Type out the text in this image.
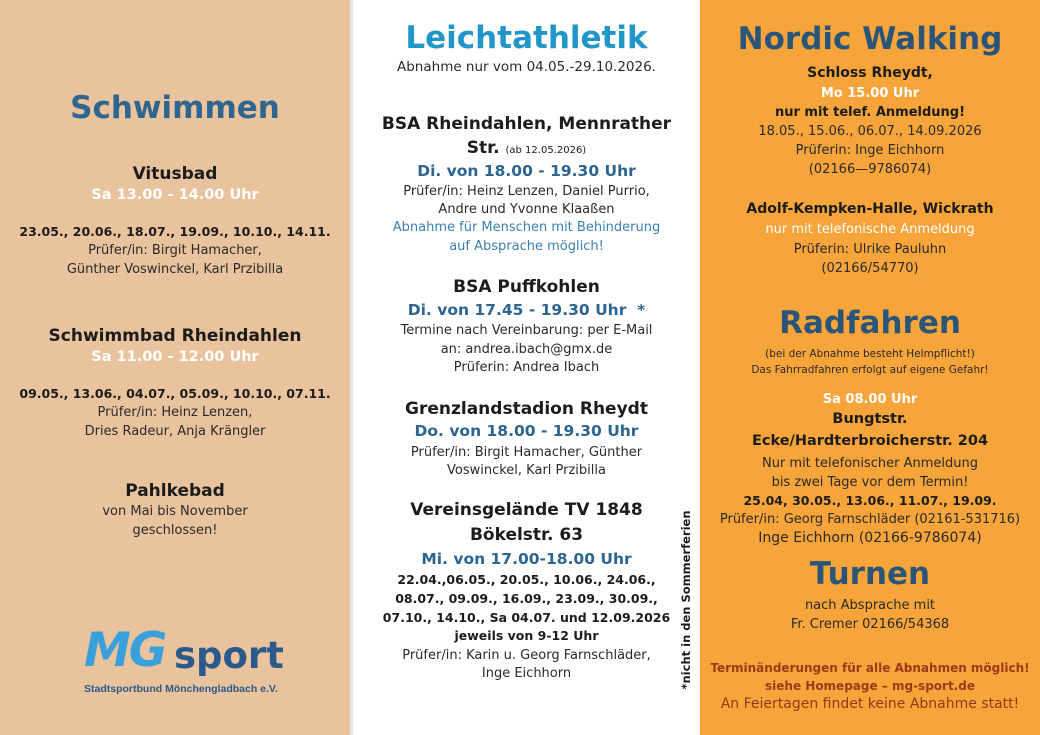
Schwimmen
Vitusbad
Sa 13.00 - 14.00 Uhr
23.05., 20.06., 18.07., 19.09., 10.10., 14.11.
Prüfer/in: Birgit Hamacher,
Günther Voswinckel, Karl Przibilla
Schwimmbad Rheindahlen
Sa 11.00 - 12.00 Uhr
09.05., 13.06., 04.07., 05.09., 10.10., 07.11.
Prüfer/in: Heinz Lenzen,
Dries Radeur, Anja Krängler
Pahlkebad
von Mai bis November
geschlossen!
MG sport
Stadtsportbund Mönchengladbach e.V.
Leichtathletik
Abnahme nur vom 04.05.-29.10.2026.
BSA Rheindahlen, Mennrather
Str. (ab 12.05.2026)
Di. von 18.00 - 19.30 Uhr
Prüfer/in: Heinz Lenzen, Daniel Purrio,
Andre und Yvonne Klaaßen
Abnahme für Menschen mit Behinderung
auf Absprache möglich!
BSA Puffkohlen
Di. von 17.45 - 19.30 Uhr  *
Termine nach Vereinbarung: per E-Mail
an: andrea.ibach@gmx.de
Prüferin: Andrea Ibach
Grenzlandstadion Rheydt
Do. von 18.00 - 19.30 Uhr
Prüfer/in: Birgit Hamacher, Günther
Voswinckel, Karl Przibilla
Vereinsgelände TV 1848
Bökelstr. 63
Mi. von 17.00-18.00 Uhr
22.04.,06.05., 20.05., 10.06., 24.06.,
08.07., 09.09., 16.09., 23.09., 30.09.,
07.10., 14.10., Sa 04.07. und 12.09.2026
jeweils von 9-12 Uhr
Prüfer/in: Karin u. Georg Farnschläder,
Inge Eichhorn
Nordic Walking
Schloss Rheydt,
Mo 15.00 Uhr
nur mit telef. Anmeldung!
18.05., 15.06., 06.07., 14.09.2026
Prüferin: Inge Eichhorn
(02166—9786074)
Adolf-Kempken-Halle, Wickrath
nur mit telefonische Anmeldung
Prüferin: Ulrike Pauluhn
(02166/54770)
Radfahren
(bei der Abnahme besteht Helmpflicht!)
Das Fahrradfahren erfolgt auf eigene Gefahr!
Sa 08.00 Uhr
Bungtstr.
Ecke/Hardterbroicherstr. 204
Nur mit telefonischer Anmeldung
bis zwei Tage vor dem Termin!
25.04, 30.05., 13.06., 11.07., 19.09.
Prüfer/in: Georg Farnschläder (02161-531716)
Inge Eichhorn (02166-9786074)
Turnen
nach Absprache mit
Fr. Cremer 02166/54368
Terminänderungen für alle Abnahmen möglich!
siehe Homepage – mg-sport.de
An Feiertagen findet keine Abnahme statt!
*nicht in den Sommerferien
